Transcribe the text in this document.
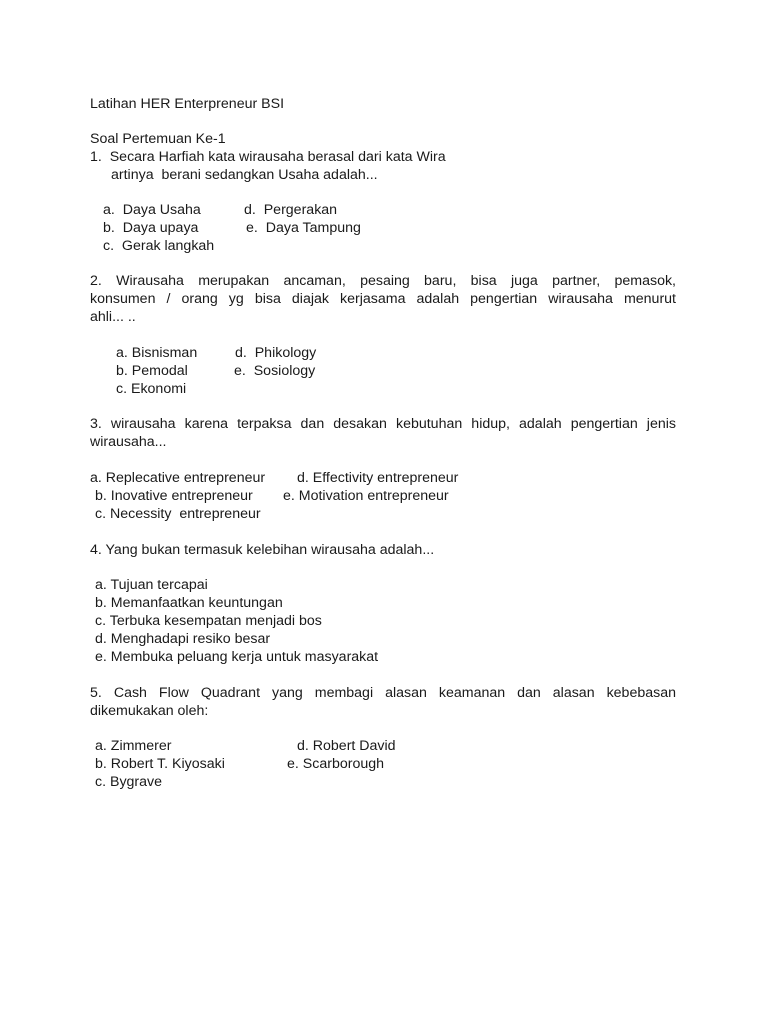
Latihan HER Enterpreneur BSI
Soal Pertemuan Ke-1
1.  Secara Harfiah kata wirausaha berasal dari kata Wira
artinya  berani sedangkan Usaha adalah...
a.  Daya Usaha
b.  Daya upaya
c.  Gerak langkah
d.  Pergerakan
e.  Daya Tampung
2. Wirausaha merupakan ancaman, pesaing baru, bisa juga partner, pemasok,
konsumen / orang yg bisa diajak kerjasama adalah pengertian wirausaha menurut
ahli... ..
a. Bisnisman
b. Pemodal
c. Ekonomi
d.  Phikology
e.  Sosiology
3. wirausaha karena terpaksa dan desakan kebutuhan hidup, adalah pengertian jenis
wirausaha...
a. Replecative entrepreneur
b. Inovative entrepreneur
c. Necessity  entrepreneur
d. Effectivity entrepreneur
e. Motivation entrepreneur
4. Yang bukan termasuk kelebihan wirausaha adalah...
a. Tujuan tercapai
b. Memanfaatkan keuntungan
c. Terbuka kesempatan menjadi bos
d. Menghadapi resiko besar
e. Membuka peluang kerja untuk masyarakat
5. Cash Flow Quadrant yang membagi alasan keamanan dan alasan kebebasan
dikemukakan oleh:
a. Zimmerer
b. Robert T. Kiyosaki
c. Bygrave
d. Robert David
e. Scarborough
